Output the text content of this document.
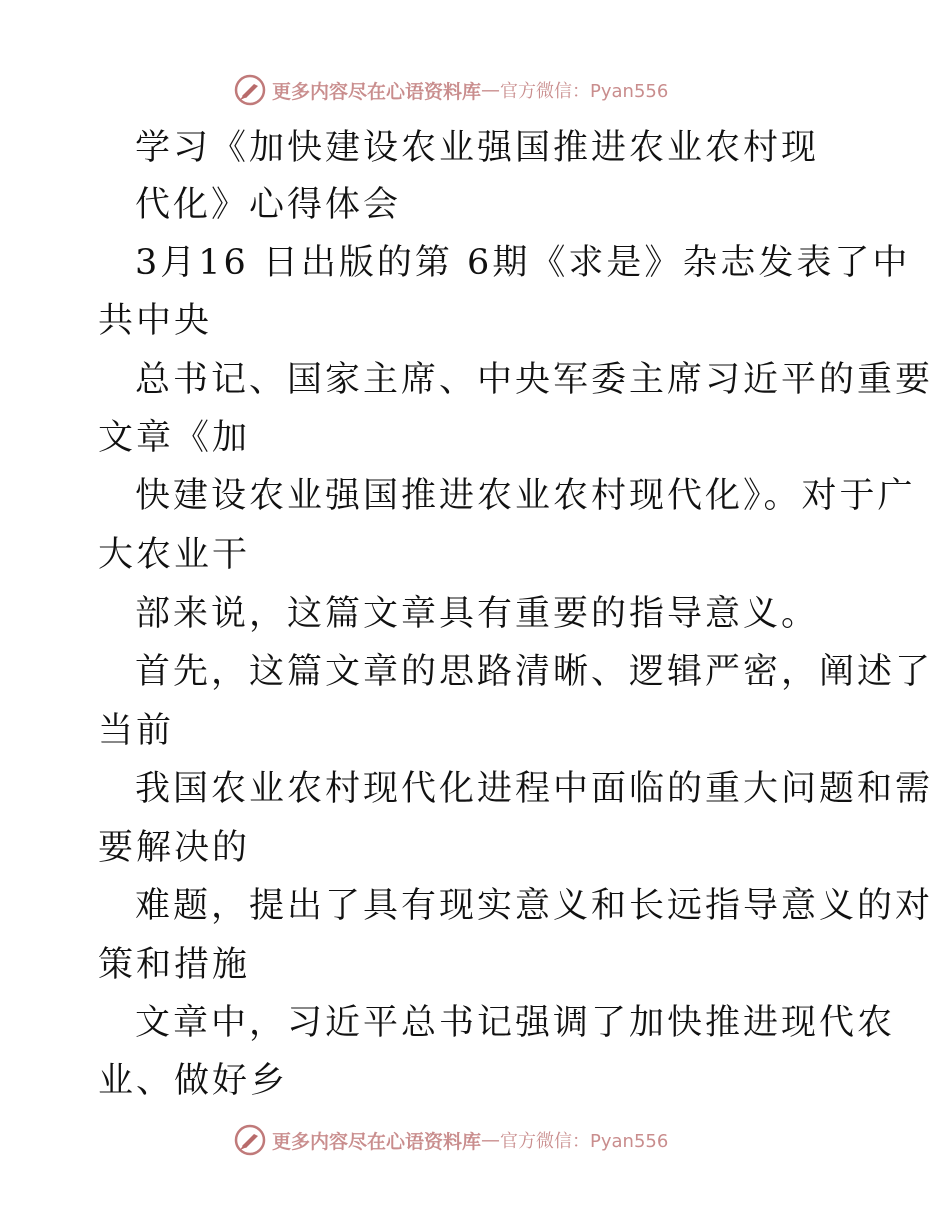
更多内容尽在心语资料库 — 官方微信：Pyan556
学习《加快建设农业强国推进农业农村现
代化》心得体会
3月16 日出版的第 6期《求是》杂志发表了中
共中央
总书记、国家主席、中央军委主席习近平的重要
文章《加
快建设农业强国推进农业农村现代化》。对于广
大农业干
部来说，这篇文章具有重要的指导意义。
首先，这篇文章的思路清晰、逻辑严密，阐述了
当前
我国农业农村现代化进程中面临的重大问题和需
要解决的
难题，提出了具有现实意义和长远指导意义的对
策和措施
文章中，习近平总书记强调了加快推进现代农
业、做好乡
更多内容尽在心语资料库 — 官方微信：Pyan556
